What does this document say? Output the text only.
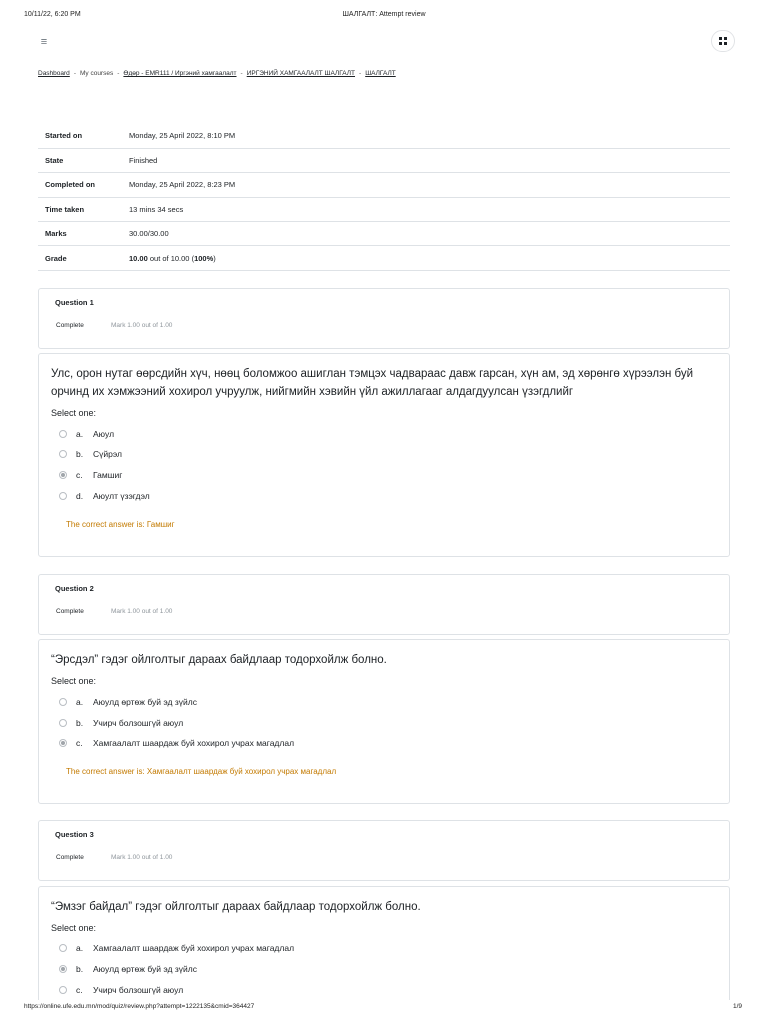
10/11/22, 6:20 PM	ШАЛГАЛТ: Attempt review
≡
Dashboard - My courses - Өдөр - EMR111 / Иргэний хамгаалалт - ИРГЭНИЙ ХАМГААЛАЛТ ШАЛГАЛТ - ШАЛГАЛТ
Started on	Monday, 25 April 2022, 8:10 PM
State	Finished
Completed on	Monday, 25 April 2022, 8:23 PM
Time taken	13 mins 34 secs
Marks	30.00/30.00
Grade	10.00 out of 10.00 (100%)
Question 1
Complete	Mark 1.00 out of 1.00
Улс, орон нутаг өөрсдийн хүч, нөөц боломжоо ашиглан тэмцэх чадвараас давж гарсан, хүн ам, эд хөрөнгө хүрээлэн буй орчинд их хэмжээний хохирол учруулж, нийгмийн хэвийн үйл ажиллагааг алдагдуулсан үзэгдлийг
Select one:
a.	Аюул
b.	Сүйрэл
c.	Гамшиг
d.	Аюулт үзэгдэл
The correct answer is: Гамшиг
Question 2
Complete	Mark 1.00 out of 1.00
“Эрсдэл” гэдэг ойлголтыг дараах байдлаар тодорхойлж болно.
Select one:
a.	Аюулд өртөж буй эд зүйлс
b.	Учирч болзошгүй аюул
c.	Хамгаалалт шаардаж буй хохирол учрах магадлал
The correct answer is: Хамгаалалт шаардаж буй хохирол учрах магадлал
Question 3
Complete	Mark 1.00 out of 1.00
“Эмзэг байдал” гэдэг ойлголтыг дараах байдлаар тодорхойлж болно.
Select one:
a.	Хамгаалалт шаардаж буй хохирол учрах магадлал
b.	Аюулд өртөж буй эд зүйлс
c.	Учирч болзошгүй аюул
https://online.ufe.edu.mn/mod/quiz/review.php?attempt=1222135&cmid=364427	1/9
